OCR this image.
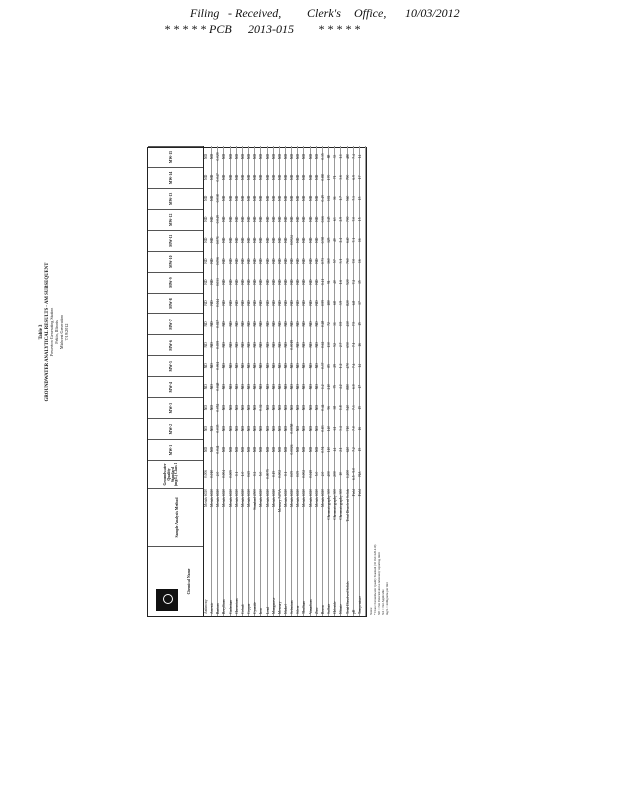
Filing - Received, Clerk's Office, 10/03/2012
* * * * * PCB 2013-015 * * * * *
Table 3 GROUNDWATER ANALYTICAL RESULTS - AM SUBSEQUENT Powerton Generating Station Pekin, Illinois Midwest Generation 7/19/2012
Chemical Name
Sample Analysis Method
Groundwater Quality Standard (mg/L) Class I
MW-1
MW-2
MW-3
MW-4
MW-5
MW-6
MW-7
MW-8
MW-9
MW-10
MW-11
MW-12
MW-13
MW-14
MW-15
Antimony
Metals 6020
0.006
ND
ND
ND
ND
ND
ND
ND
ND
ND
ND
ND
ND
ND
ND
ND
Arsenic
Metals 6020
0.010
ND
ND
ND
ND
ND
ND
ND
ND
ND
ND
ND
ND
ND
ND
ND
Barium
Metals 6020
2.0
0.041
0.035
0.052
0.048
0.061
0.039
0.027
0.044
0.033
0.056
0.071
0.049
0.038
0.047
0.029
Beryllium
Metals 6020
0.004
ND
ND
ND
ND
ND
ND
ND
ND
ND
ND
ND
ND
ND
ND
ND
Cadmium
Metals 6020
0.005
ND
ND
ND
ND
ND
ND
ND
ND
ND
ND
ND
ND
ND
ND
ND
Chromium
Metals 6020
0.1
ND
ND
ND
ND
ND
ND
ND
ND
ND
ND
ND
ND
ND
ND
ND
Cobalt
Metals 6020
1.0
ND
ND
ND
ND
ND
ND
ND
ND
ND
ND
ND
ND
ND
ND
ND
Copper
Metals 6020
0.65
ND
ND
ND
ND
ND
ND
ND
ND
ND
ND
ND
ND
ND
ND
ND
Cyanide
Standard 4500
0.2
ND
ND
ND
ND
ND
ND
ND
ND
ND
ND
ND
ND
ND
ND
ND
Iron
Metals 6020
5.0
ND
ND
0.32
ND
ND
ND
ND
ND
ND
ND
ND
ND
ND
ND
ND
Lead
Metals 6020
0.0075
ND
ND
ND
ND
ND
ND
ND
ND
ND
ND
ND
ND
ND
ND
ND
Manganese
Metals 6020
0.15
ND
ND
ND
ND
ND
ND
ND
ND
ND
ND
ND
ND
ND
ND
ND
Mercury
Mercury 7470A
0.002
ND
ND
ND
ND
ND
ND
ND
ND
ND
ND
ND
ND
ND
ND
ND
Nickel
Metals 6020
0.1
ND
ND
ND
ND
ND
ND
ND
ND
ND
ND
ND
ND
ND
ND
ND
Selenium
Metals 6020
0.05
0.0026
0.0058
ND
ND
ND
0.0019
ND
ND
ND
ND
0.0024
ND
ND
ND
ND
Silver
Metals 6020
0.05
ND
ND
ND
ND
ND
ND
ND
ND
ND
ND
ND
ND
ND
ND
ND
Thallium
Metals 6020
0.002
ND
ND
ND
ND
ND
ND
ND
ND
ND
ND
ND
ND
ND
ND
ND
Vanadium
Metals 6020
0.049
ND
ND
ND
ND
ND
ND
ND
ND
ND
ND
ND
ND
ND
ND
ND
Zinc
Metals 6020
5.0
ND
ND
ND
ND
ND
ND
ND
ND
ND
ND
ND
ND
ND
ND
ND
Boron
Metals 6020
2.0
0.51
0.83
0.44
1.2
0.37
0.62
0.28
0.95
0.41
0.73
0.58
0.66
0.49
0.88
0.35
Sulfate
Chromatography 300
400
110
140
96
210
85
130
72
180
91
160
125
145
102
170
88
Chloride
Chromatography 300
200
44
61
38
75
29
52
31
68
40
57
49
63
36
71
33
Nitrate
Chromatography 300
10
2.1
3.4
1.8
4.2
1.2
2.7
0.9
3.9
1.6
3.1
2.4
2.9
1.7
3.6
1.1
Total Dissolved Solids
Total Dissolved Solids
1,200
620
710
540
880
470
650
410
820
520
760
640
700
560
790
480
pH
Field
6.5 - 9.0
7.2
7.0
7.3
6.9
7.4
7.1
7.5
6.8
7.2
7.0
7.1
7.0
7.3
6.9
7.4
Temperature
Field
NA
15
16
15
17
14
16
15
17
15
16
16
15
15
17
14
Notes: * Class I Groundwater Quality Standard (35 IAC 620.410) ND = Not Detected above laboratory reporting limit NA = Not Applicable mg/L = milligrams per liter
